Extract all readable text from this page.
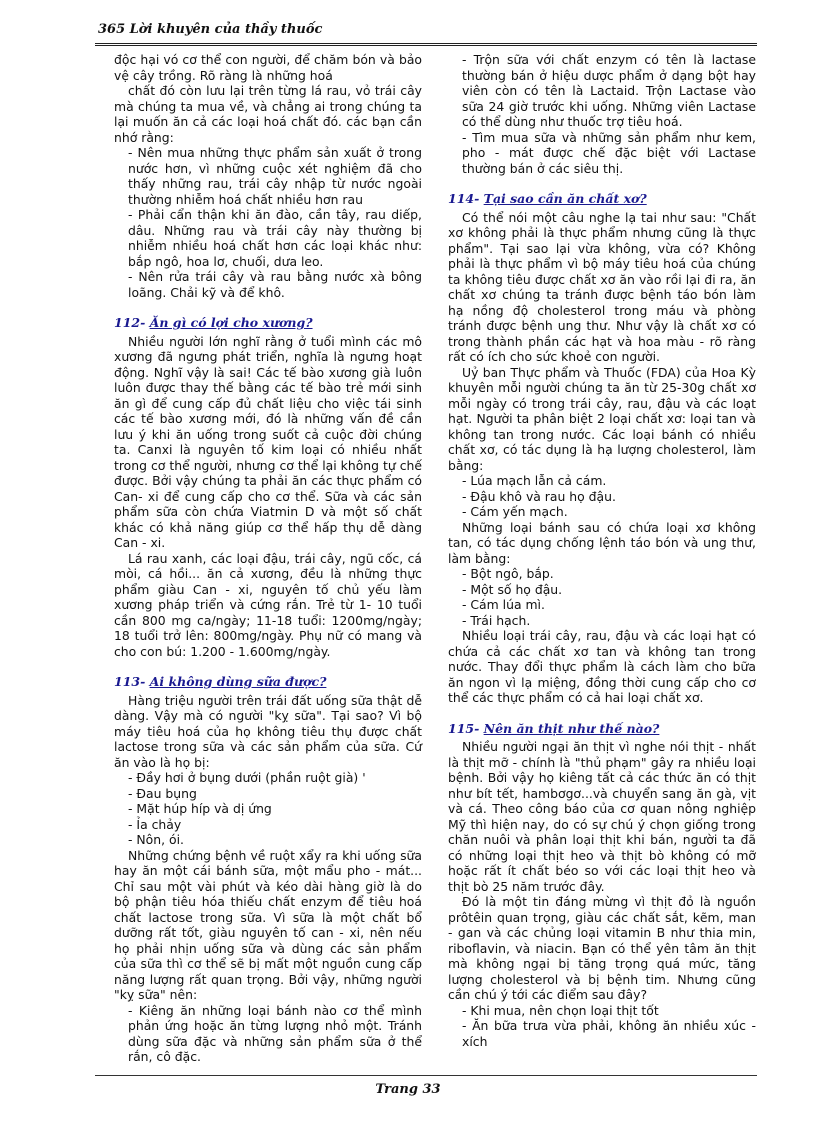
365 Lời khuyên của thầy thuốc

độc hại vó cơ thể con người, để chăm bón và bảo vệ cây trồng. Rõ ràng là những hoá

chất đó còn lưu lại trên từng lá rau, vỏ trái cây mà chúng ta mua về, và chẳng ai trong chúng ta lại muốn ăn cả các loại hoá chất đó. các bạn cần nhớ rằng:

- Nên mua những thực phẩm sản xuất ở trong nước hơn, vì những cuộc xét nghiệm đã cho thấy những rau, trái cây nhập từ nước ngoài thường nhiễm hoá chất nhiều hơn rau

- Phải cẩn thận khi ăn đào, cần tây, rau diếp, dâu. Những rau và trái cây này thường bị nhiễm nhiều hoá chất hơn các loại khác như: bắp ngô, hoa lơ, chuối, dưa leo.

- Nên rửa trái cây và rau bằng nước xà bông loãng. Chải kỹ và để khô.

112- Ăn gì có lợi cho xương?

Nhiều người lớn nghĩ rằng ở tuổi mình các mô xương đã ngưng phát triển, nghĩa là ngưng hoạt động. Nghĩ vậy là sai! Các tế bào xương già luôn luôn được thay thế bằng các tế bào trẻ mới sinh ăn gì để cung cấp đủ chất liệu cho việc tái sinh các tế bào xương mới, đó là những vấn đề cần lưu ý khi ăn uống trong suốt cả cuộc đời chúng ta. Canxi là nguyên tố kim loại có nhiều nhất trong cơ thể người, nhưng cơ thể lại không tự chế được. Bởi vậy chúng ta phải ăn các thực phẩm có Can- xi để cung cấp cho cơ thể. Sữa và các sản phẩm sữa còn chứa Viatmin D và một số chất khác có khả năng giúp cơ thể hấp thụ dễ dàng Can - xi.

Lá rau xanh, các loại đậu, trái cây, ngũ cốc, cá mòi, cá hồi... ăn cả xương, đều là những thực phẩm giàu Can - xi, nguyên tố chủ yếu làm xương pháp triển và cứng rắn. Trẻ từ 1- 10 tuổi cần 800 mg ca/ngày; 11-18 tuổi: 1200mg/ngày; 18 tuổi trở lên: 800mg/ngày. Phụ nữ có mang và cho con bú: 1.200 - 1.600mg/ngày.

113- Ai không dùng sữa được?

Hàng triệu người trên trái đất uống sữa thật dễ dàng. Vậy mà có người "kỵ sữa". Tại sao? Vì bộ máy tiêu hoá của họ không tiêu thụ được chất lactose trong sữa và các sản phẩm của sữa. Cứ ăn vào là họ bị:

- Đầy hơi ở bụng dưới (phần ruột già) '

- Đau bụng

- Mặt húp híp và dị ứng

- Ỉa chảy

- Nôn, ói.

Những chứng bệnh về ruột xẩy ra khi uống sữa hay ăn một cái bánh sữa, một mẩu pho - mát... Chỉ sau một vài phút và kéo dài hàng giờ là do bộ phận tiêu hóa thiếu chất enzym để tiêu hoá chất lactose trong sữa. Vì sữa là một chất bổ dưỡng rất tốt, giàu nguyên tố can - xi, nên nếu họ phải nhịn uống sữa và dùng các sản phẩm của sữa thì cơ thể sẽ bị mất một nguồn cung cấp năng lượng rất quan trọng. Bởi vậy, những người "kỵ sữa" nên:

- Kiêng ăn những loại bánh nào cơ thể mình phản ứng hoặc ăn từng lượng nhỏ một. Tránh dùng sữa đặc và những sản phẩm sữa ở thể rắn, cô đặc.

- Trộn sữa với chất enzym có tên là lactase thường bán ở hiệu dược phẩm ở dạng bột hay viên còn có tên là Lactaid. Trộn Lactase vào sữa 24 giờ trước khi uống. Những viên Lactase có thể dùng như thuốc trợ tiêu hoá.

- Tìm mua sữa và những sản phẩm như kem, pho - mát được chế đặc biệt với Lactase thường bán ở các siêu thị.

114- Tại sao cần ăn chất xơ?

Có thể nói một câu nghe lạ tai như sau: "Chất xơ không phải là thực phẩm nhưng cũng là thực phẩm". Tại sao lại vừa không, vừa có? Không phải là thực phẩm vì bộ máy tiêu hoá của chúng ta không tiêu được chất xơ ăn vào rồi lại đi ra, ăn chất xơ chúng ta tránh được bệnh táo bón làm hạ nồng độ cholesterol trong máu và phòng tránh được bệnh ung thư. Như vậy là chất xơ có trong thành phần các hạt và hoa màu - rõ ràng rất có ích cho sức khoẻ con người.

Uỷ ban Thực phẩm và Thuốc (FDA) của Hoa Kỳ khuyên mỗi người chúng ta ăn từ 25-30g chất xơ mỗi ngày có trong trái cây, rau, đậu và các loạt hạt. Người ta phân biệt 2 loại chất xơ: loại tan và không tan trong nước. Các loại bánh có nhiều chất xơ, có tác dụng là hạ lượng cholesterol, làm bằng:

- Lúa mạch lẫn cả cám.

- Đậu khô và rau họ đậu.

- Cám yến mạch.

Những loại bánh sau có chứa loại xơ không tan, có tác dụng chống lệnh táo bón và ung thư, làm bằng:

- Bột ngô, bắp.

- Một số họ đậu.

- Cám lúa mì.

- Trái hạch.

Nhiều loại trái cây, rau, đậu và các loại hạt có chứa cả các chất xơ tan và không tan trong nước. Thay đổi thực phẩm là cách làm cho bữa ăn ngon vì lạ miệng, đồng thời cung cấp cho cơ thể các thực phẩm có cả hai loại chất xơ.

115- Nên ăn thịt như thế nào?

Nhiều người ngại ăn thịt vì nghe nói thịt - nhất là thịt mỡ - chính là "thủ phạm" gây ra nhiều loại bệnh. Bởi vậy họ kiêng tất cả các thức ăn có thịt như bít tết, hambơgơ...và chuyển sang ăn gà, vịt và cá. Theo công báo của cơ quan nông nghiệp Mỹ thì hiện nay, do có sự chú ý chọn giống trong chăn nuôi và phân loại thịt khi bán, người ta đã có những loại thịt heo và thịt bò không có mỡ hoặc rất ít chất béo so với các loại thịt heo và thịt bò 25 năm trước đây.

Đó là một tin đáng mừng vì thịt đỏ là nguồn prôtêin quan trọng, giàu các chất sắt, kẽm, man - gan và các chủng loại vitamin B như thia min, riboflavin, và niacin. Bạn có thể yên tâm ăn thịt mà không ngại bị tăng trọng quá mức, tăng lượng cholesterol và bị bệnh tim. Nhưng cũng cần chú ý tới các điểm sau đây?

- Khi mua, nên chọn loại thịt tốt

- Ăn bữa trưa vừa phải, không ăn nhiều xúc - xích

Trang 33
